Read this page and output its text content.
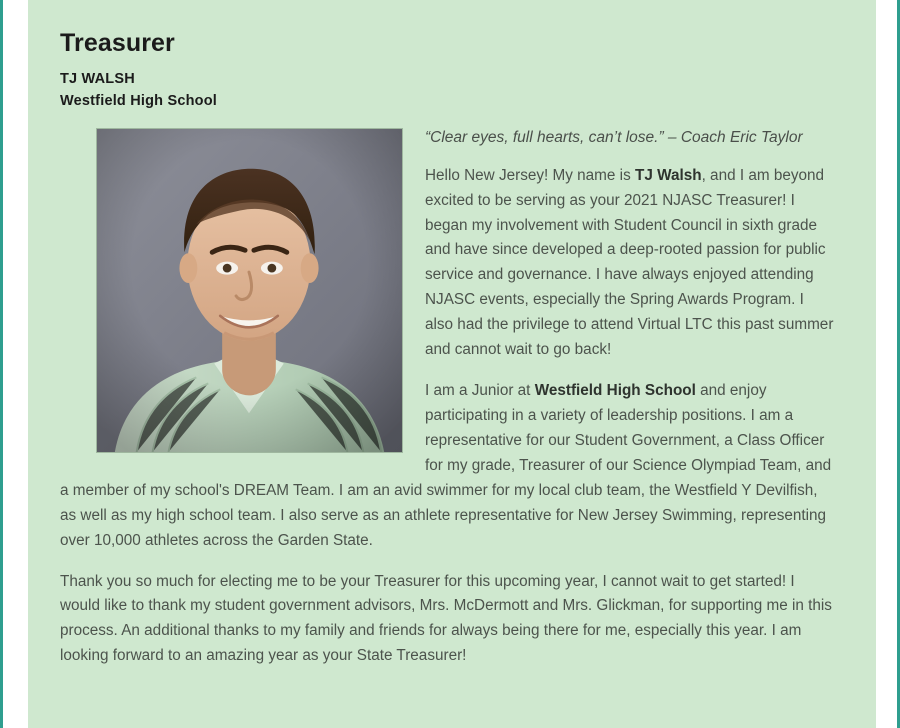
Treasurer
TJ WALSH
Westfield High School

“Clear eyes, full hearts, can’t lose.” – Coach Eric Taylor

Hello New Jersey! My name is TJ Walsh, and I am beyond excited to be serving as your 2021 NJASC Treasurer! I began my involvement with Student Council in sixth grade and have since developed a deep-rooted passion for public service and governance. I have always enjoyed attending NJASC events, especially the Spring Awards Program. I also had the privilege to attend Virtual LTC this past summer and cannot wait to go back!

I am a Junior at Westfield High School and enjoy participating in a variety of leadership positions. I am a representative for our Student Government, a Class Officer for my grade, Treasurer of our Science Olympiad Team, and a member of my school's DREAM Team. I am an avid swimmer for my local club team, the Westfield Y Devilfish, as well as my high school team. I also serve as an athlete representative for New Jersey Swimming, representing over 10,000 athletes across the Garden State.

Thank you so much for electing me to be your Treasurer for this upcoming year, I cannot wait to get started! I would like to thank my student government advisors, Mrs. McDermott and Mrs. Glickman, for supporting me in this process. An additional thanks to my family and friends for always being there for me, especially this year. I am looking forward to an amazing year as your State Treasurer!
